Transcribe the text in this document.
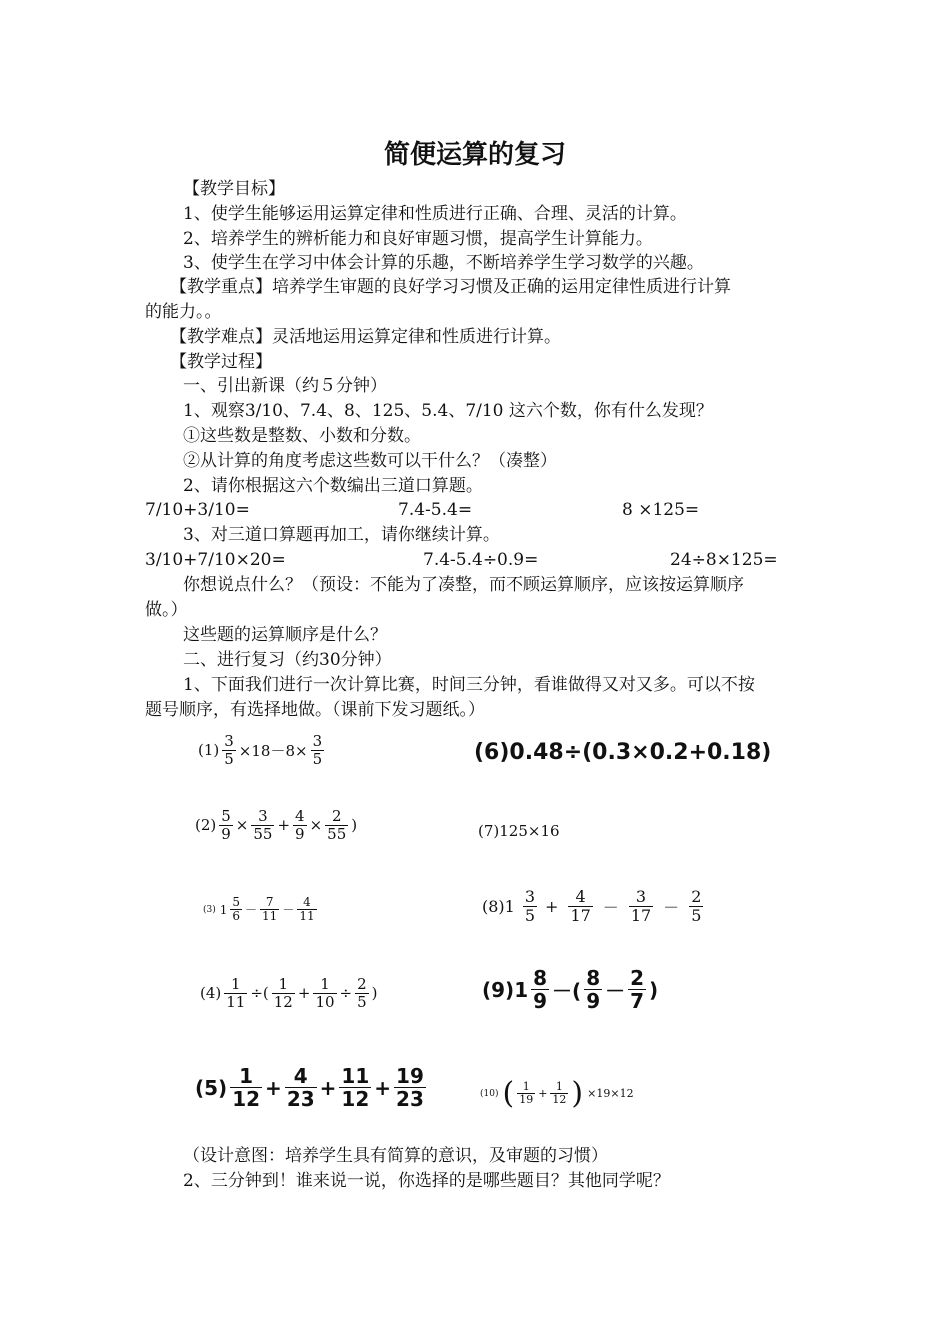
简便运算的复习
【教学目标】
1、使学生能够运用运算定律和性质进行正确、合理、灵活的计算。
2、培养学生的辨析能力和良好审题习惯，提高学生计算能力。
3、使学生在学习中体会计算的乐趣，不断培养学生学习数学的兴趣。
【教学重点】培养学生审题的良好学习习惯及正确的运用定律性质进行计算
的能力。。
【教学难点】灵活地运用运算定律和性质进行计算。
【教学过程】
一、引出新课（约５分钟）
1、观察3/10、7.4、8、125、5.4、7/10 这六个数，你有什么发现？
①这些数是整数、小数和分数。
②从计算的角度考虑这些数可以干什么？（凑整）
2、请你根据这六个数编出三道口算题。
7/10+3/10=	7.4-5.4=	8 ×125=
3、对三道口算题再加工，请你继续计算。
3/10+7/10×20=	7.4-5.4÷0.9=	24÷8×125=
你想说点什么？（预设：不能为了凑整，而不顾运算顺序，应该按运算顺序
做。）
这些题的运算顺序是什么？
二、进行复习（约30分钟）
1、下面我们进行一次计算比赛，时间三分钟，看谁做得又对又多。可以不按
题号顺序，有选择地做。（课前下发习题纸。）
$(1) \frac{3}{5} \times 18-8\times \frac{3}{5}$	(6)0.48÷(0.3×0.2+0.18)
$(2) \frac{5}{9} \times \frac{3}{55} + \frac{4}{9} \times \frac{2}{55}$ )	(7)125×16
(3) $1 \frac{5}{6} - \frac{7}{11} - \frac{4}{11}$	$(8)1 \frac{3}{5} + \frac{4}{17} - \frac{3}{17} - \frac{2}{5}$
$(4) \frac{1}{11}$ ÷( $\frac{1}{12} + \frac{1}{10} \div \frac{2}{5}$ )	$(9)1 \frac{8}{9}$ －( $\frac{8}{9} - \frac{2}{7}$ )
$(5) \frac{1}{12} + \frac{4}{23} + \frac{11}{12} + \frac{19}{23}$	(10) ( $\frac{1}{19} + \frac{1}{12}$ ) ×19×12
（设计意图：培养学生具有简算的意识，及审题的习惯）
2、三分钟到！谁来说一说，你选择的是哪些题目？其他同学呢？
